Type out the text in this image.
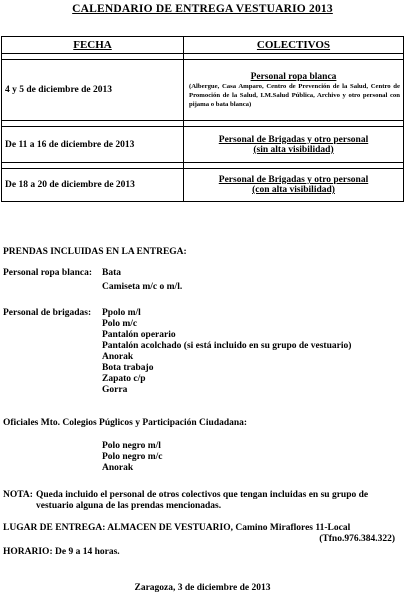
CALENDARIO DE ENTREGA VESTUARIO 2013
FECHA	COLECTIVOS

4 y 5 de diciembre de 2013	Personal ropa blanca
(Albergue, Casa Amparo, Centro de Prevención de la Salud, Centro de Promoción de la Salud, I.M.Salud Pública, Archivo y otro personal con pijama o bata blanca)

De 11 a 16 de diciembre de 2013	Personal de Brigadas y otro personal
(sin alta visibilidad)

De 18 a 20 de diciembre de 2013	Personal de Brigadas y otro personal
(con alta visibilidad)
PRENDAS INCLUIDAS EN LA ENTREGA:
Personal ropa blanca: Bata
Camiseta m/c o m/l.
Personal de brigadas: Ppolo m/l
Polo m/c
Pantalón operario
Pantalón acolchado (si está incluido en su grupo de vestuario)
Anorak
Bota trabajo
Zapato c/p
Gorra
Oficiales Mto. Colegios Púglicos y Participación Ciudadana:
Polo negro m/l
Polo negro m/c
Anorak
NOTA: Queda incluido el personal de otros colectivos que tengan incluidas en su grupo de vestuario alguna de las prendas mencionadas.
LUGAR DE ENTREGA: ALMACEN DE VESTUARIO, Camino Miraflores 11-Local
(Tfno.976.384.322)
HORARIO: De 9 a 14 horas.
Zaragoza, 3 de diciembre de 2013
